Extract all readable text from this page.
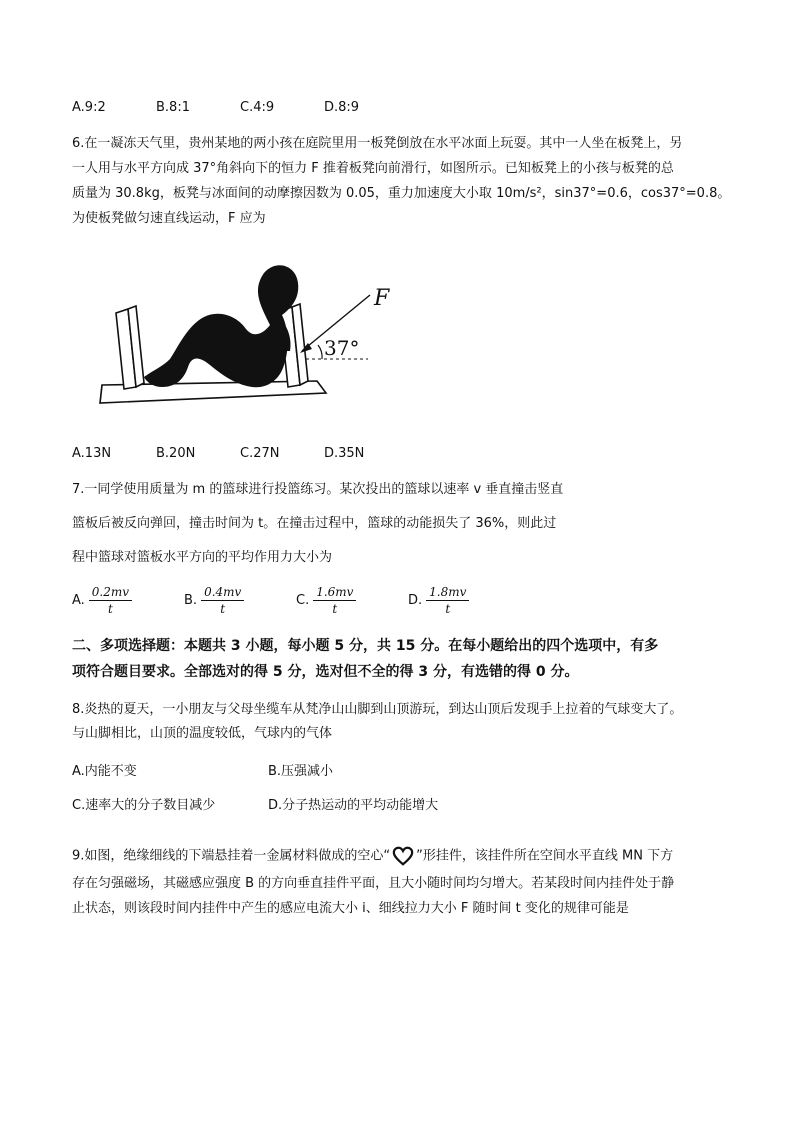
A.9:2	B.8:1	C.4:9	D.8:9
6.在一凝冻天气里，贵州某地的两小孩在庭院里用一板凳倒放在水平冰面上玩耍。其中一人坐在板凳上，另
一人用与水平方向成 37°角斜向下的恒力 F 推着板凳向前滑行，如图所示。已知板凳上的小孩与板凳的总
质量为 30.8kg，板凳与冰面间的动摩擦因数为 0.05，重力加速度大小取 10m/s²，sin37°=0.6，cos37°=0.8。
为使板凳做匀速直线运动，F 应为
F
37°
A.13N	B.20N	C.27N	D.35N
7.一同学使用质量为 m 的篮球进行投篮练习。某次投出的篮球以速率 v 垂直撞击竖直
篮板后被反向弹回，撞击时间为 t。在撞击过程中，篮球的动能损失了 36%，则此过
程中篮球对篮板水平方向的平均作用力大小为
A. $\frac{0.2mv}{t}$	B. $\frac{0.4mv}{t}$	C. $\frac{1.6mv}{t}$	D. $\frac{1.8mv}{t}$
二、多项选择题：本题共 3 小题，每小题 5 分，共 15 分。在每小题给出的四个选项中，有多
项符合题目要求。全部选对的得 5 分，选对但不全的得 3 分，有选错的得 0 分。
8.炎热的夏天，一小朋友与父母坐缆车从梵净山山脚到山顶游玩，到达山顶后发现手上拉着的气球变大了。
与山脚相比，山顶的温度较低，气球内的气体
A.内能不变	B.压强减小
C.速率大的分子数目减少	D.分子热运动的平均动能增大
9.如图，绝缘细线的下端悬挂着一金属材料做成的空心“ ”形挂件，该挂件所在空间水平直线 MN 下方
存在匀强磁场，其磁感应强度 B 的方向垂直挂件平面，且大小随时间均匀增大。若某段时间内挂件处于静
止状态，则该段时间内挂件中产生的感应电流大小 i、细线拉力大小 F 随时间 t 变化的规律可能是
